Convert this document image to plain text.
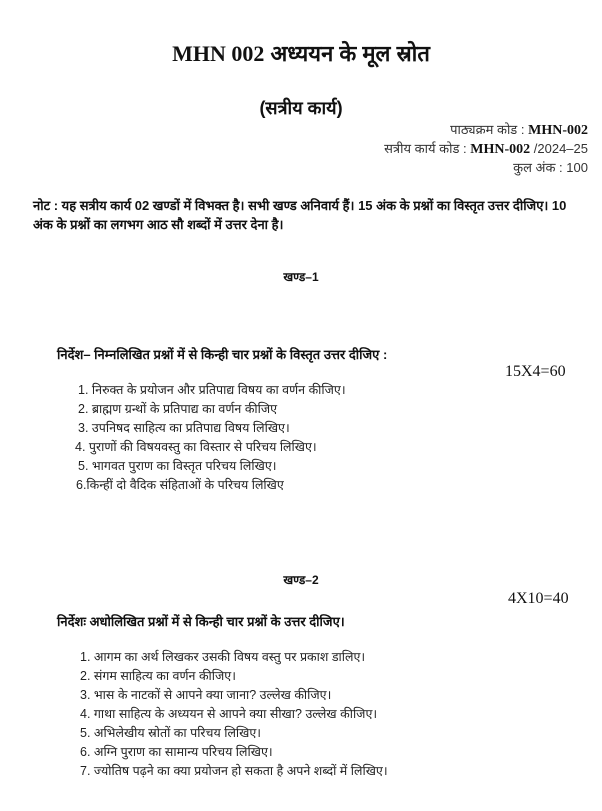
MHN 002 अध्ययन के मूल स्रोत
(सत्रीय कार्य)
पाठ्यक्रम कोड : MHN-002
सत्रीय कार्य कोड : MHN-002 /2024–25
कुल अंक : 100
नोट : यह सत्रीय कार्य 02 खण्डों में विभक्त है। सभी खण्ड अनिवार्य हैं। 15 अंक के प्रश्नों का विस्तृत उत्तर दीजिए। 10 अंक के प्रश्नों का लगभग आठ सौ शब्दों में उत्तर देना है।
खण्ड–1
निर्देश– निम्नलिखित प्रश्नों में से किन्ही चार प्रश्नों के विस्तृत उत्तर दीजिए :
15X4=60
1. निरुक्त के प्रयोजन और प्रतिपाद्य विषय का वर्णन कीजिए।
2. ब्राह्मण ग्रन्थों के प्रतिपाद्य का वर्णन कीजिए
3. उपनिषद साहित्य का प्रतिपाद्य विषय लिखिए।
4. पुराणों की विषयवस्तु का विस्तार से परिचय लिखिए।
5. भागवत पुराण का विस्तृत परिचय लिखिए।
6.किन्हीं दो वैदिक संहिताओं के परिचय लिखिए
खण्ड–2
4X10=40
निर्देशः अधोलिखित प्रश्नों में से किन्ही चार प्रश्नों के उत्तर दीजिए।
1. आगम का अर्थ लिखकर उसकी विषय वस्तु पर प्रकाश डालिए।
2. संगम साहित्य का वर्णन कीजिए।
3. भास के नाटकों से आपने क्या जाना? उल्लेख कीजिए।
4. गाथा साहित्य के अध्ययन से आपने क्या सीखा? उल्लेख कीजिए।
5. अभिलेखीय स्रोतों का परिचय लिखिए।
6. अग्नि पुराण का सामान्य परिचय लिखिए।
7. ज्योतिष पढ़ने का क्या प्रयोजन हो सकता है अपने शब्दों में लिखिए।
